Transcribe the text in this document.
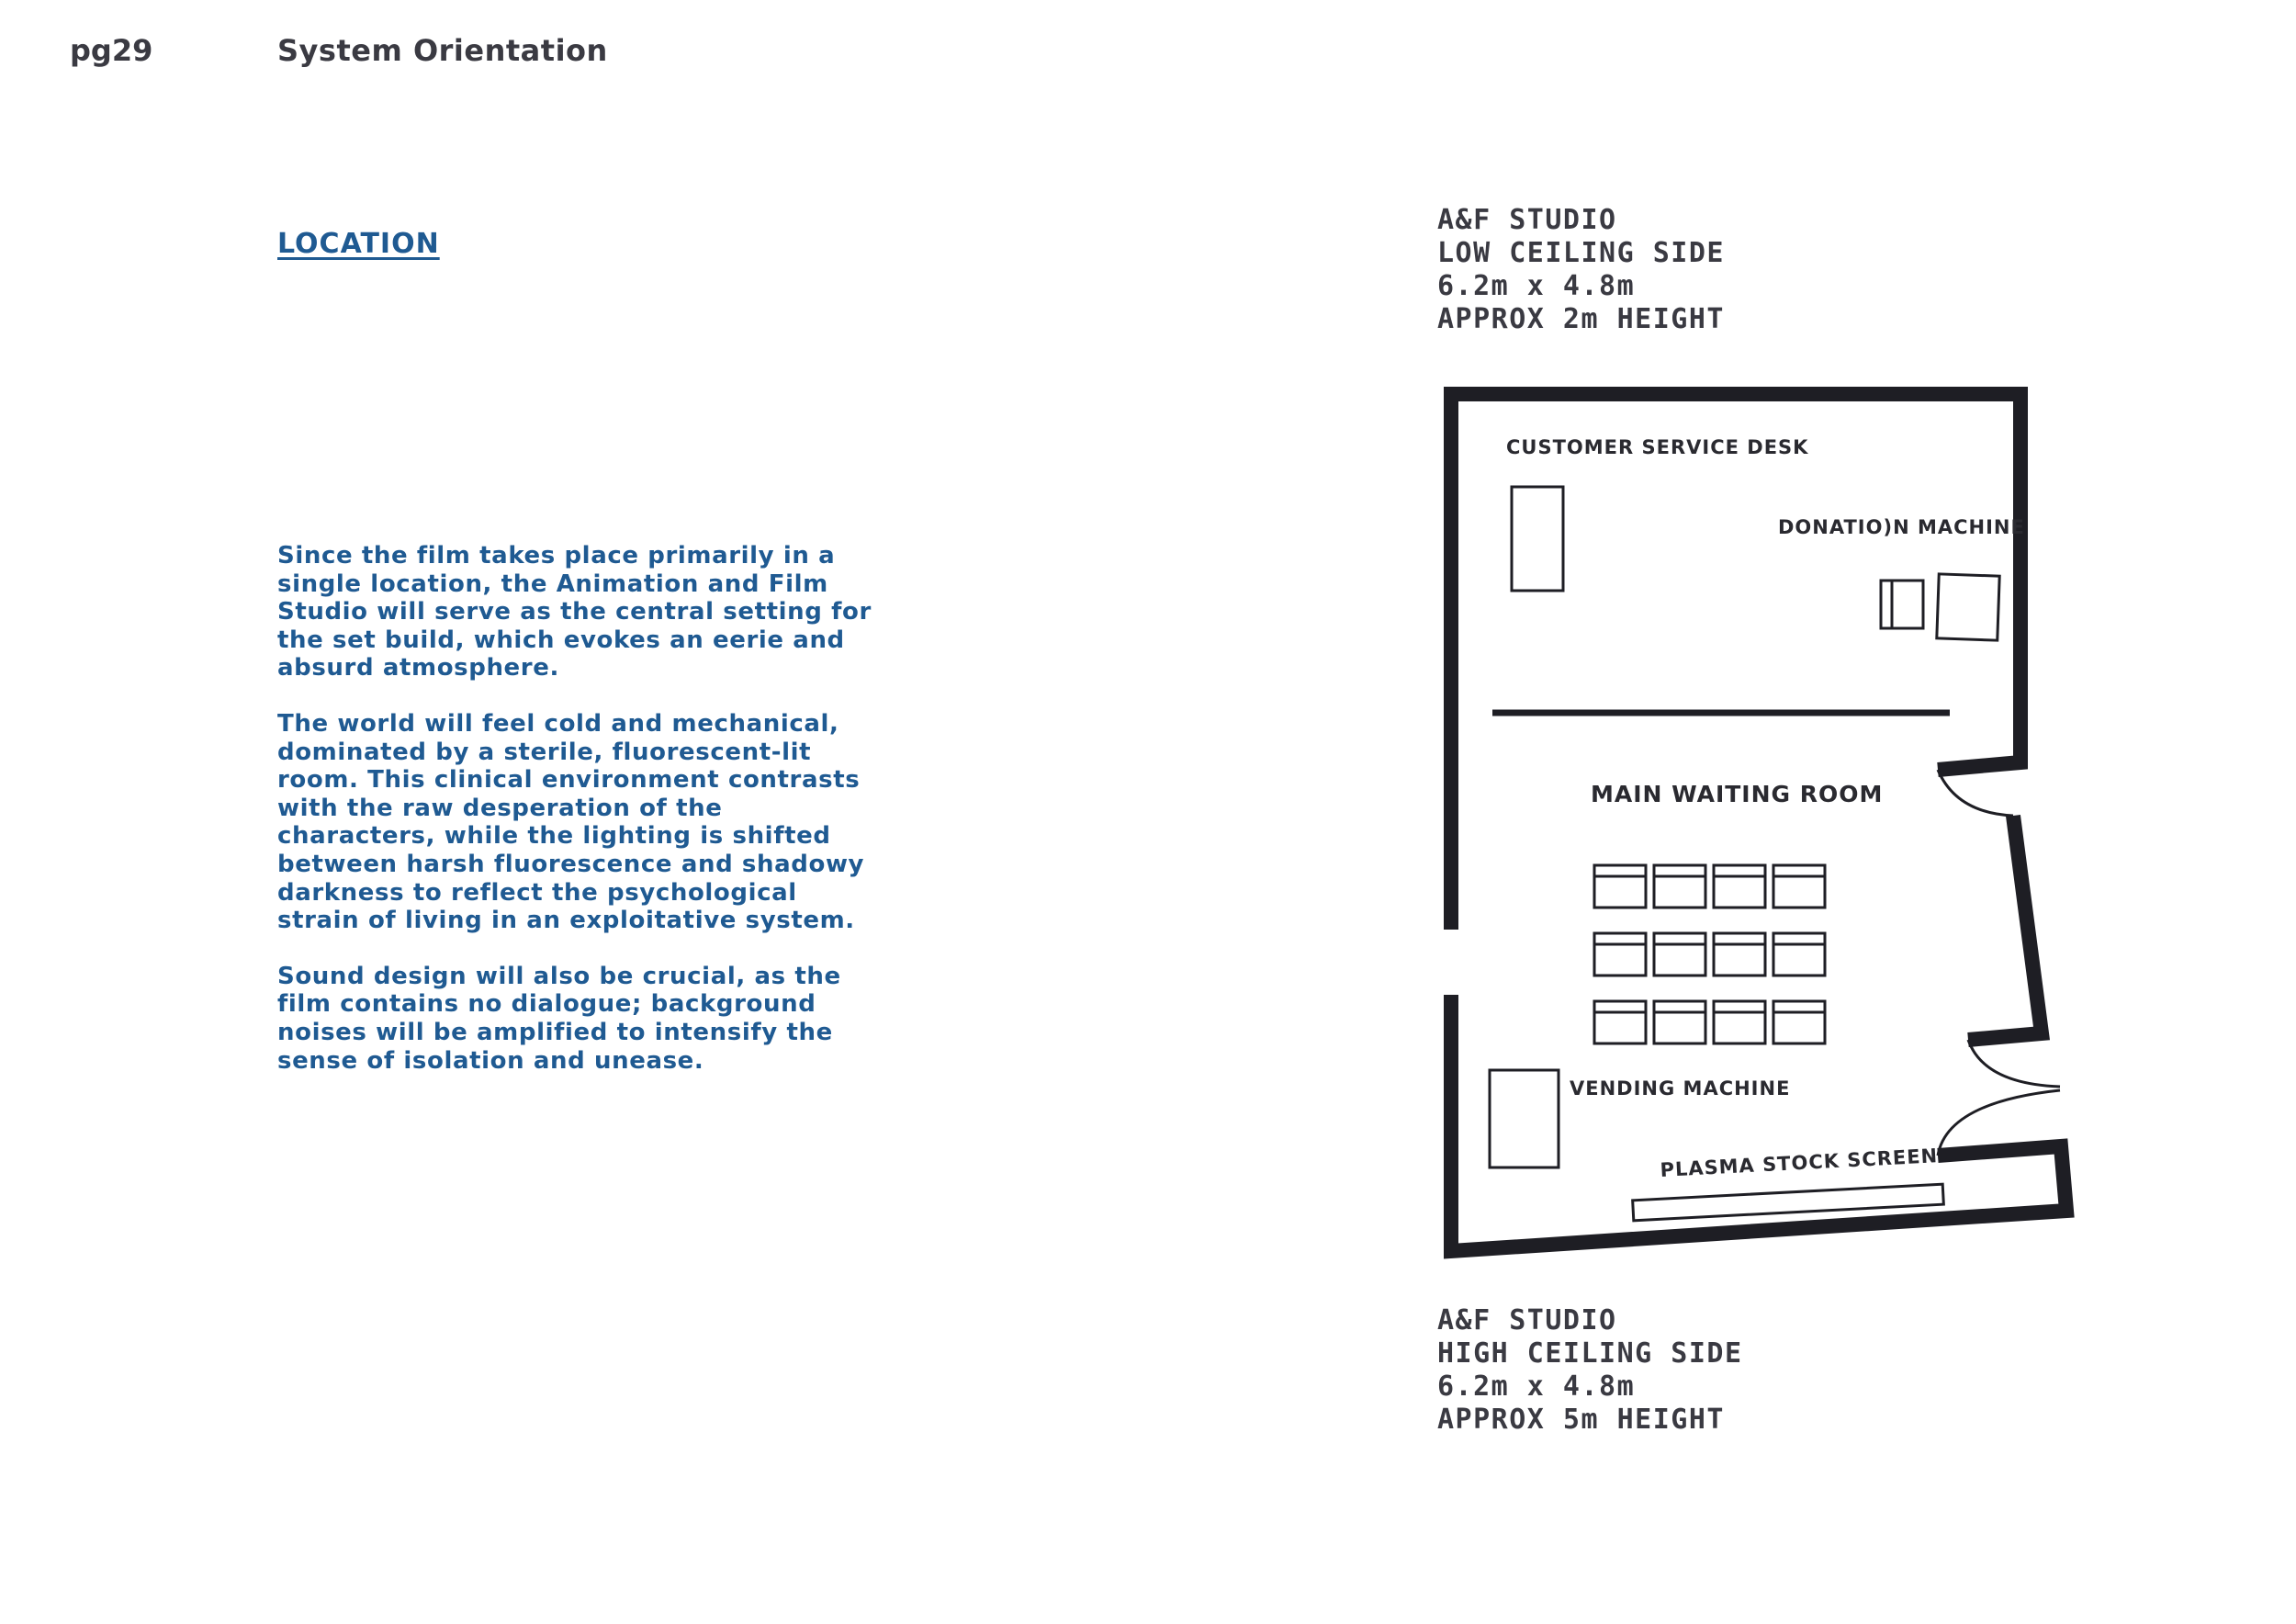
pg29	System Orientation
LOCATION

Since the film takes place primarily in a single location, the Animation and Film Studio will serve as the central setting for the set build, which evokes an eerie and absurd atmosphere.

The world will feel cold and mechanical, dominated by a sterile, fluorescent-lit room. This clinical environment contrasts with the raw desperation of the characters, while the lighting is shifted between harsh fluorescence and shadowy darkness to reflect the psychological strain of living in an exploitative system.

Sound design will also be crucial, as the film contains no dialogue; background noises will be amplified to intensify the sense of isolation and unease.

A&F STUDIO
LOW CEILING SIDE
6.2m x 4.8m
APPROX 2m HEIGHT
CUSTOMER SERVICE DESK
DONATIO)N MACHINE
MAIN WAITING ROOM
VENDING MACHINE
PLASMA STOCK SCREEN
A&F STUDIO
HIGH CEILING SIDE
6.2m x 4.8m
APPROX 5m HEIGHT
